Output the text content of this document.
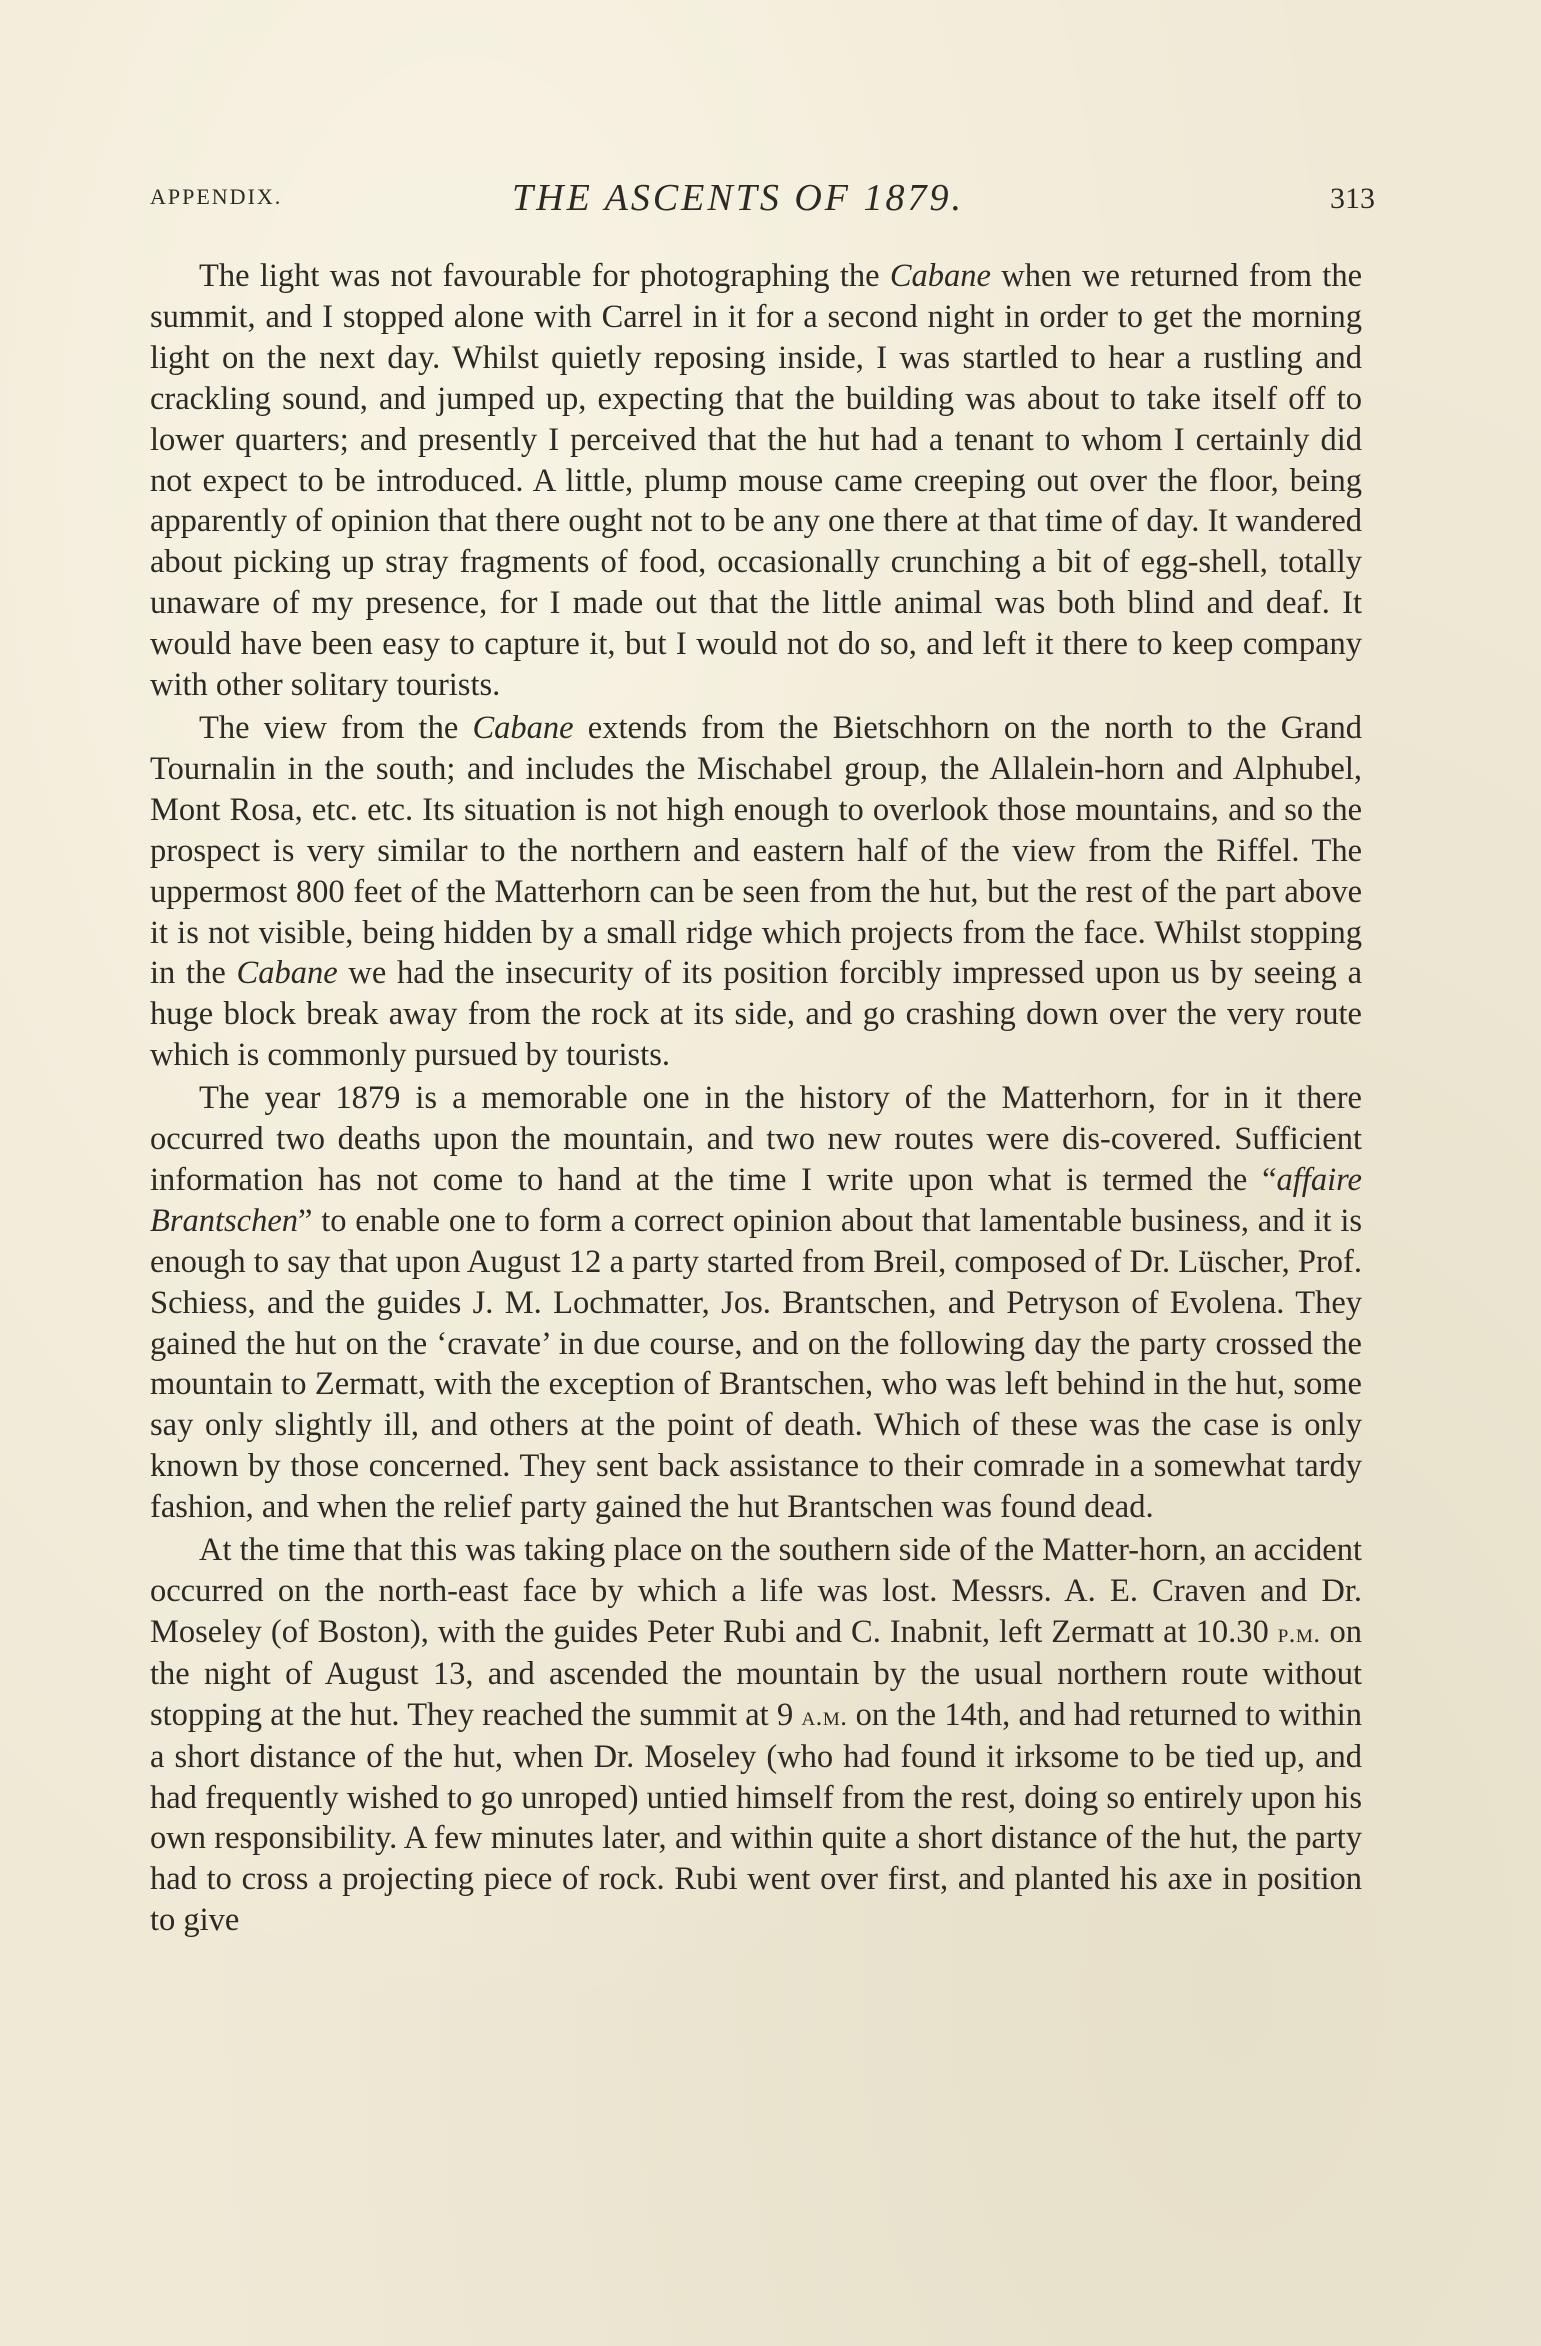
APPENDIX.	THE ASCENTS OF 1879.	313

The light was not favourable for photographing the Cabane when we returned from the summit, and I stopped alone with Carrel in it for a second night in order to get the morning light on the next day. Whilst quietly reposing inside, I was startled to hear a rustling and crackling sound, and jumped up, expecting that the building was about to take itself off to lower quarters; and presently I perceived that the hut had a tenant to whom I certainly did not expect to be introduced. A little, plump mouse came creeping out over the floor, being apparently of opinion that there ought not to be any one there at that time of day. It wandered about picking up stray fragments of food, occasionally crunching a bit of egg-shell, totally unaware of my presence, for I made out that the little animal was both blind and deaf. It would have been easy to capture it, but I would not do so, and left it there to keep company with other solitary tourists.

The view from the Cabane extends from the Bietschhorn on the north to the Grand Tournalin in the south; and includes the Mischabel group, the Allalein-horn and Alphubel, Mont Rosa, etc. etc. Its situation is not high enough to overlook those mountains, and so the prospect is very similar to the northern and eastern half of the view from the Riffel. The uppermost 800 feet of the Matterhorn can be seen from the hut, but the rest of the part above it is not visible, being hidden by a small ridge which projects from the face. Whilst stopping in the Cabane we had the insecurity of its position forcibly impressed upon us by seeing a huge block break away from the rock at its side, and go crashing down over the very route which is commonly pursued by tourists.

The year 1879 is a memorable one in the history of the Matterhorn, for in it there occurred two deaths upon the mountain, and two new routes were dis-covered. Sufficient information has not come to hand at the time I write upon what is termed the “affaire Brantschen” to enable one to form a correct opinion about that lamentable business, and it is enough to say that upon August 12 a party started from Breil, composed of Dr. Lüscher, Prof. Schiess, and the guides J. M. Lochmatter, Jos. Brantschen, and Petryson of Evolena. They gained the hut on the ‘cravate’ in due course, and on the following day the party crossed the mountain to Zermatt, with the exception of Brantschen, who was left behind in the hut, some say only slightly ill, and others at the point of death. Which of these was the case is only known by those concerned. They sent back assistance to their comrade in a somewhat tardy fashion, and when the relief party gained the hut Brantschen was found dead.

At the time that this was taking place on the southern side of the Matter-horn, an accident occurred on the north-east face by which a life was lost. Messrs. A. E. Craven and Dr. Moseley (of Boston), with the guides Peter Rubi and C. Inabnit, left Zermatt at 10.30 p.m. on the night of August 13, and ascended the mountain by the usual northern route without stopping at the hut. They reached the summit at 9 a.m. on the 14th, and had returned to within a short distance of the hut, when Dr. Moseley (who had found it irksome to be tied up, and had frequently wished to go unroped) untied himself from the rest, doing so entirely upon his own responsibility. A few minutes later, and within quite a short distance of the hut, the party had to cross a projecting piece of rock. Rubi went over first, and planted his axe in position to give
